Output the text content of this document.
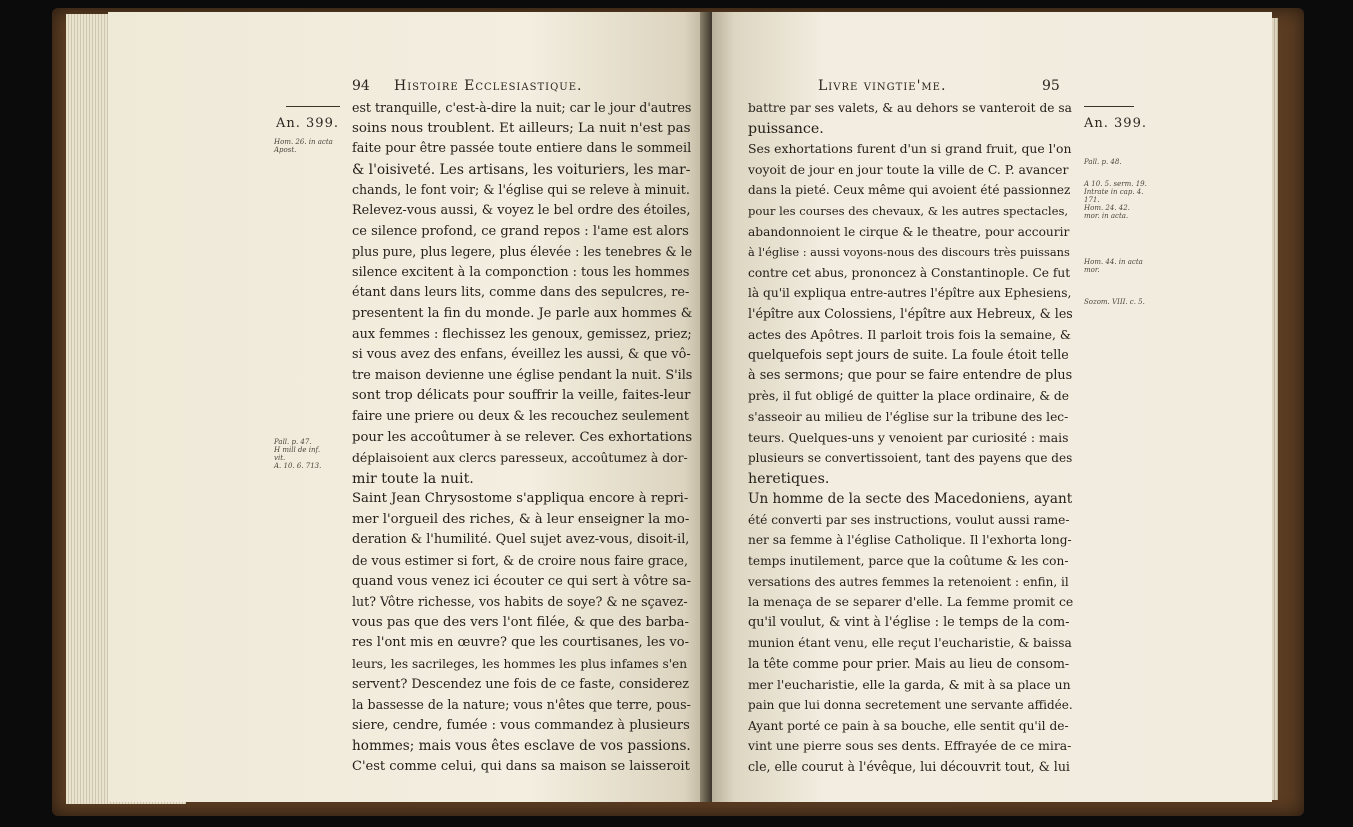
94 Histoire Ecclesiastique.
An. 399.
Hom. 26. in acta
Apost.
Pall. p. 47.
H mill de inf.
vit.
A. 10. 6. 713.
est tranquille, c'est-à-dire la nuit; car le jour d'autres
soins nous troublent. Et ailleurs; La nuit n'est pas
faite pour être passée toute entiere dans le sommeil
& l'oisiveté. Les artisans, les voituriers, les mar-
chands, le font voir; & l'église qui se releve à minuit.
Relevez-vous aussi, & voyez le bel ordre des étoiles,
ce silence profond, ce grand repos : l'ame est alors
plus pure, plus legere, plus élevée : les tenebres & le
silence excitent à la componction : tous les hommes
étant dans leurs lits, comme dans des sepulcres, re-
presentent la fin du monde. Je parle aux hommes &
aux femmes : flechissez les genoux, gemissez, priez;
si vous avez des enfans, éveillez les aussi, & que vô-
tre maison devienne une église pendant la nuit. S'ils
sont trop délicats pour souffrir la veille, faites-leur
faire une priere ou deux & les recouchez seulement
pour les accoûtumer à se relever. Ces exhortations
déplaisoient aux clercs paresseux, accoûtumez à dor-
mir toute la nuit.
Saint Jean Chrysostome s'appliqua encore à repri-
mer l'orgueil des riches, & à leur enseigner la mo-
deration & l'humilité. Quel sujet avez-vous, disoit-il,
de vous estimer si fort, & de croire nous faire grace,
quand vous venez ici écouter ce qui sert à vôtre sa-
lut? Vôtre richesse, vos habits de soye? & ne sçavez-
vous pas que des vers l'ont filée, & que des barba-
res l'ont mis en œuvre? que les courtisanes, les vo-
leurs, les sacrileges, les hommes les plus infames s'en
servent? Descendez une fois de ce faste, considerez
la bassesse de la nature; vous n'êtes que terre, pous-
siere, cendre, fumée : vous commandez à plusieurs
hommes; mais vous êtes esclave de vos passions.
C'est comme celui, qui dans sa maison se laisseroit
Livre vingtie'me.	95
An. 399.
Pall. p. 48.
A 10. 5. serm. 19.
Intrate in cap. 4.
171.
Hom. 24. 42.
mor. in acta.
Hom. 44. in acta
mor.
Sozom. VIII. c. 5.
battre par ses valets, & au dehors se vanteroit de sa
puissance.
Ses exhortations furent d'un si grand fruit, que l'on
voyoit de jour en jour toute la ville de C. P. avancer
dans la pieté. Ceux même qui avoient été passionnez
pour les courses des chevaux, & les autres spectacles,
abandonnoient le cirque & le theatre, pour accourir
à l'église : aussi voyons-nous des discours très puissans
contre cet abus, prononcez à Constantinople. Ce fut
là qu'il expliqua entre-autres l'épître aux Ephesiens,
l'épître aux Colossiens, l'épître aux Hebreux, & les
actes des Apôtres. Il parloit trois fois la semaine, &
quelquefois sept jours de suite. La foule étoit telle
à ses sermons; que pour se faire entendre de plus
près, il fut obligé de quitter la place ordinaire, & de
s'asseoir au milieu de l'église sur la tribune des lec-
teurs. Quelques-uns y venoient par curiosité : mais
plusieurs se convertissoient, tant des payens que des
heretiques.
Un homme de la secte des Macedoniens, ayant
été converti par ses instructions, voulut aussi rame-
ner sa femme à l'église Catholique. Il l'exhorta long-
temps inutilement, parce que la coûtume & les con-
versations des autres femmes la retenoient : enfin, il
la menaça de se separer d'elle. La femme promit ce
qu'il voulut, & vint à l'église : le temps de la com-
munion étant venu, elle reçut l'eucharistie, & baissa
la tête comme pour prier. Mais au lieu de consom-
mer l'eucharistie, elle la garda, & mit à sa place un
pain que lui donna secretement une servante affidée.
Ayant porté ce pain à sa bouche, elle sentit qu'il de-
vint une pierre sous ses dents. Effrayée de ce mira-
cle, elle courut à l'évêque, lui découvrit tout, & lui
